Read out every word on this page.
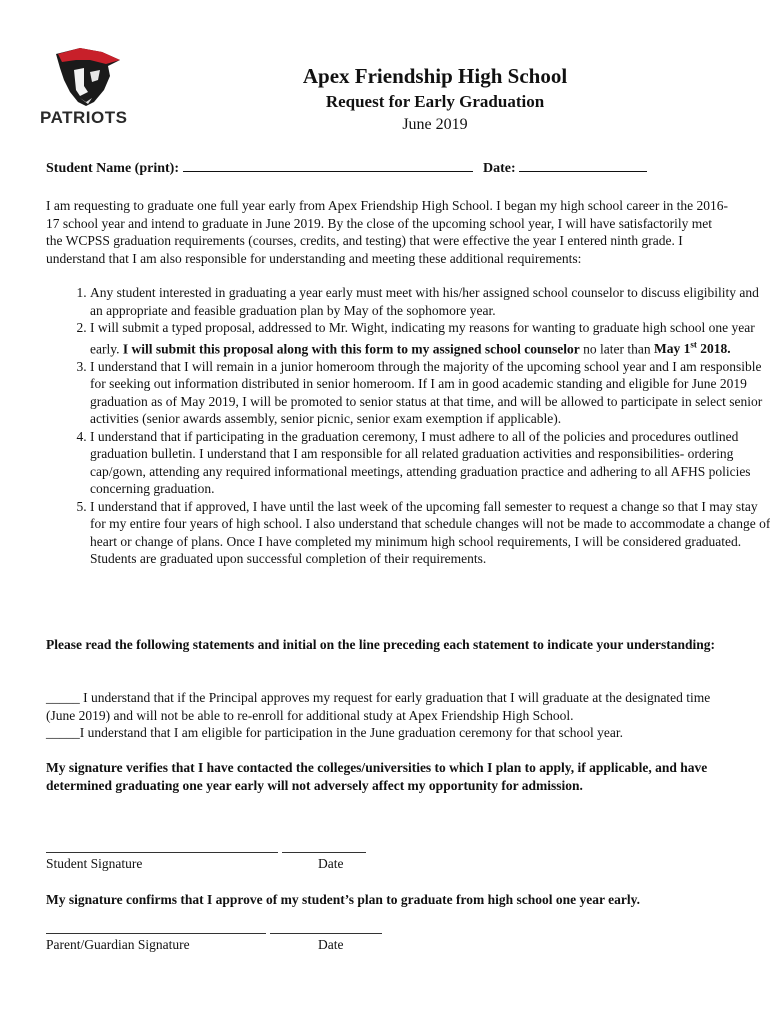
PATRIOTS
Apex Friendship High School
Request for Early Graduation
June 2019
Student Name (print):	Date:
I am requesting to graduate one full year early from Apex Friendship High School. I began my high school career in the 2016-17 school year and intend to graduate in June 2019. By the close of the upcoming school year, I will have satisfactorily met the WCPSS graduation requirements (courses, credits, and testing) that were effective the year I entered ninth grade. I understand that I am also responsible for understanding and meeting these additional requirements:
1. Any student interested in graduating a year early must meet with his/her assigned school counselor to discuss eligibility and an appropriate and feasible graduation plan by May of the sophomore year.
2. I will submit a typed proposal, addressed to Mr. Wight, indicating my reasons for wanting to graduate high school one year early. I will submit this proposal along with this form to my assigned school counselor no later than May 1st 2018.
3. I understand that I will remain in a junior homeroom through the majority of the upcoming school year and I am responsible for seeking out information distributed in senior homeroom. If I am in good academic standing and eligible for June 2019 graduation as of May 2019, I will be promoted to senior status at that time, and will be allowed to participate in select senior activities (senior awards assembly, senior picnic, senior exam exemption if applicable).
4. I understand that if participating in the graduation ceremony, I must adhere to all of the policies and procedures outlined graduation bulletin. I understand that I am responsible for all related graduation activities and responsibilities- ordering cap/gown, attending any required informational meetings, attending graduation practice and adhering to all AFHS policies concerning graduation.
5. I understand that if approved, I have until the last week of the upcoming fall semester to request a change so that I may stay for my entire four years of high school. I also understand that schedule changes will not be made to accommodate a change of heart or change of plans. Once I have completed my minimum high school requirements, I will be considered graduated. Students are graduated upon successful completion of their requirements.
Please read the following statements and initial on the line preceding each statement to indicate your understanding:
_____ I understand that if the Principal approves my request for early graduation that I will graduate at the designated time (June 2019) and will not be able to re-enroll for additional study at Apex Friendship High School.
_____I understand that I am eligible for participation in the June graduation ceremony for that school year.
My signature verifies that I have contacted the colleges/universities to which I plan to apply, if applicable, and have determined graduating one year early will not adversely affect my opportunity for admission.
Student Signature	Date
My signature confirms that I approve of my student’s plan to graduate from high school one year early.
Parent/Guardian Signature	Date
